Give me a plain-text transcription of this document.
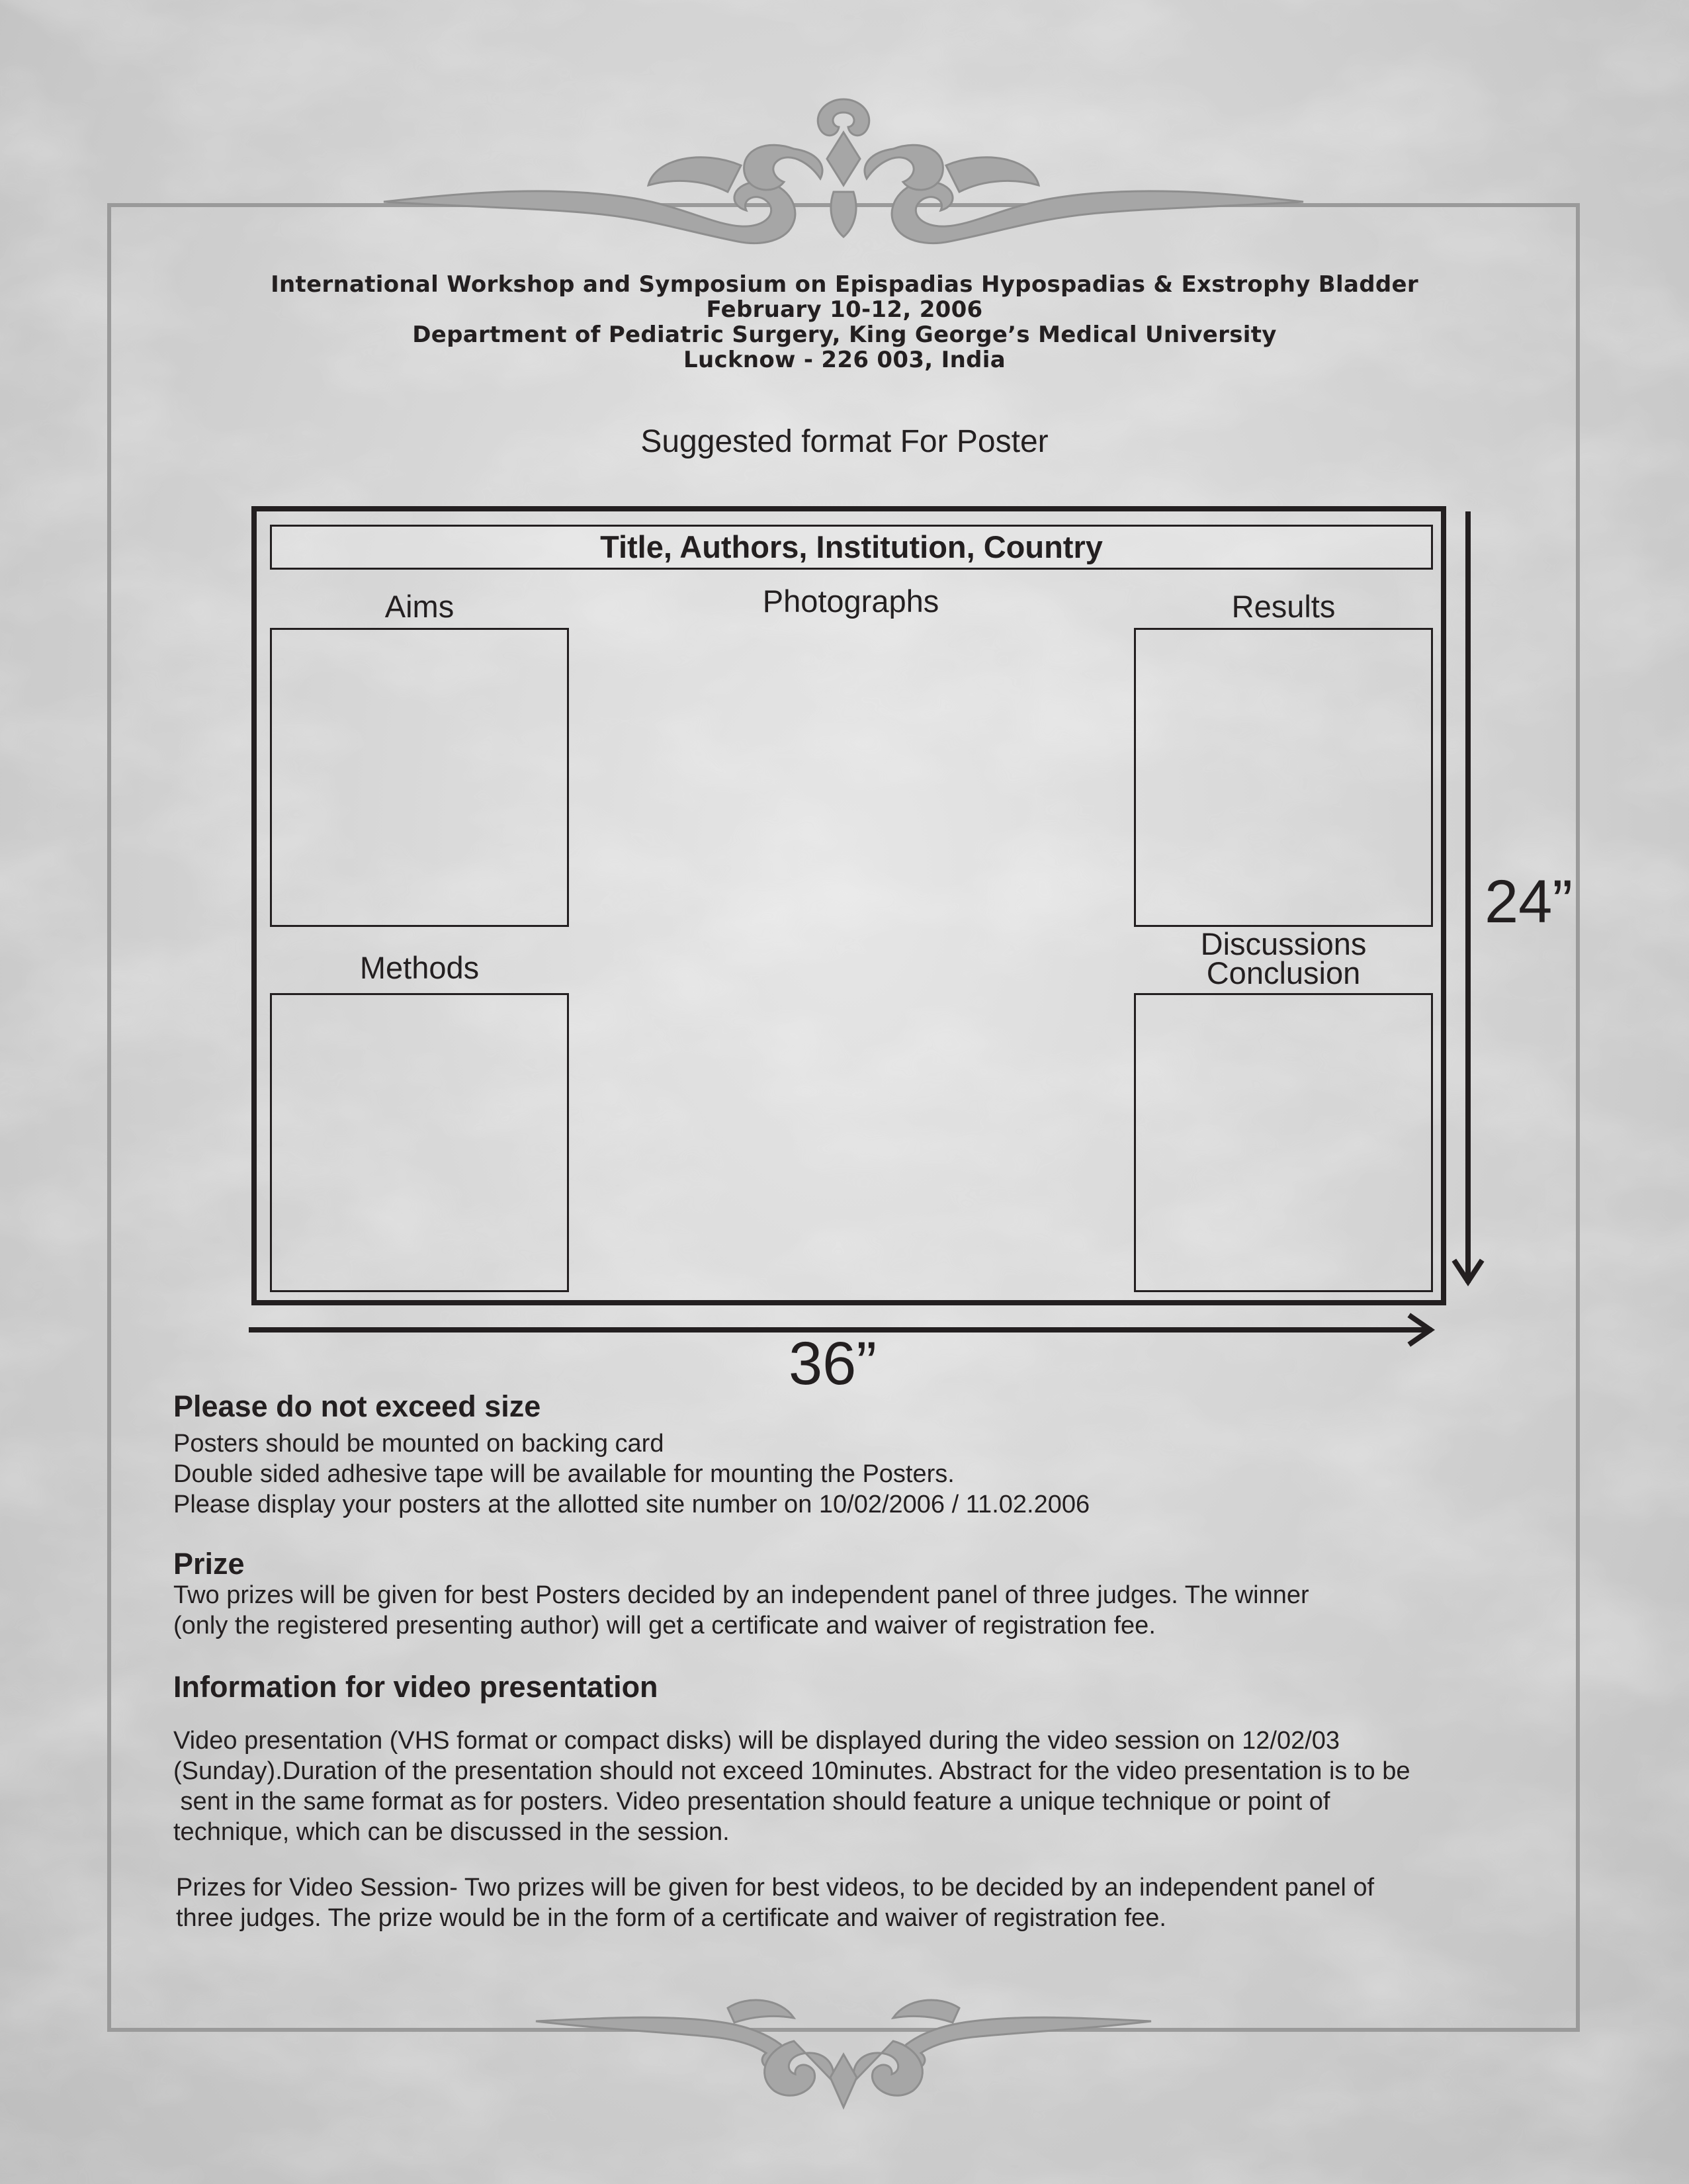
International Workshop and Symposium on Epispadias Hypospadias & Exstrophy Bladder
February 10-12, 2006
Department of Pediatric Surgery, King George’s Medical University
Lucknow - 226 003, India
Suggested format For Poster
Title, Authors, Institution, Country
Aims	Photographs	Results
Methods
Discussions
Conclusion
24”
36”
Please do not exceed size
Posters should be mounted on backing card
Double sided adhesive tape will be available for mounting the Posters.
Please display your posters at the allotted site number on 10/02/2006 / 11.02.2006
Prize
Two prizes will be given for best Posters decided by an independent panel of three judges. The winner
(only the registered presenting author) will get a certificate and waiver of registration fee.
Information for video presentation
Video presentation (VHS format or compact disks) will be displayed during the video session on 12/02/03
(Sunday).Duration of the presentation should not exceed 10minutes. Abstract for the video presentation is to be
sent in the same format as for posters. Video presentation should feature a unique technique or point of
technique, which can be discussed in the session.
Prizes for Video Session- Two prizes will be given for best videos, to be decided by an independent panel of
three judges. The prize would be in the form of a certificate and waiver of registration fee.
